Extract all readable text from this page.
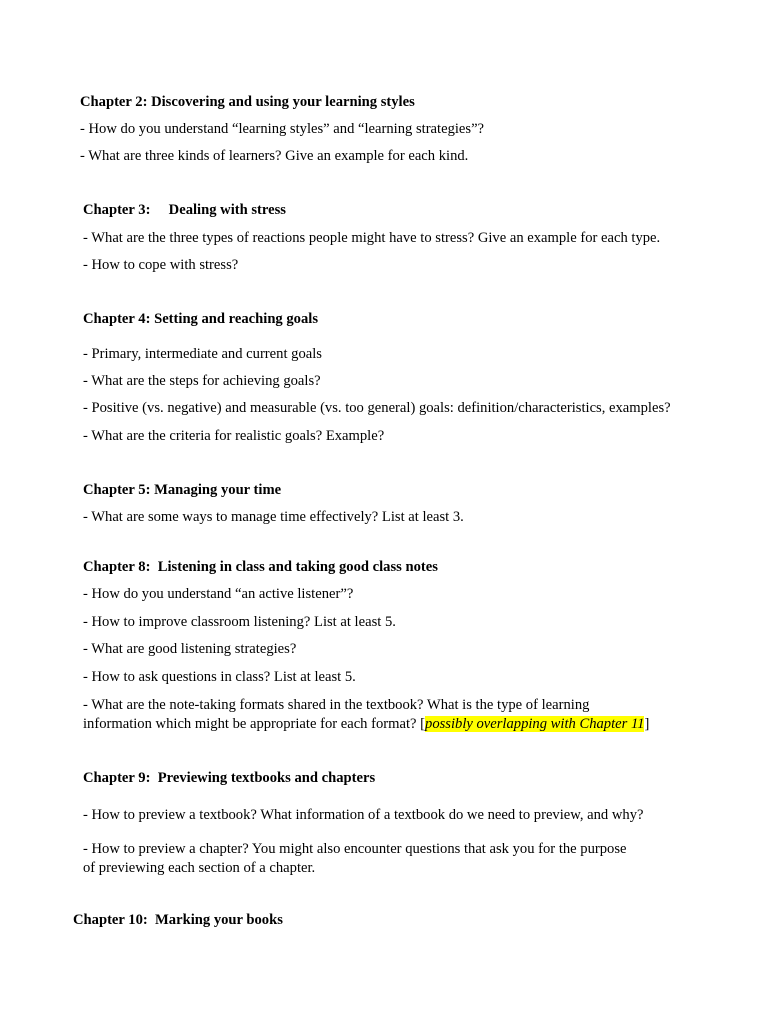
Chapter 2: Discovering and using your learning styles
- How do you understand “learning styles” and “learning strategies”?
- What are three kinds of learners? Give an example for each kind.
Chapter 3:     Dealing with stress
- What are the three types of reactions people might have to stress? Give an example for each type.
- How to cope with stress?
Chapter 4: Setting and reaching goals
- Primary, intermediate and current goals
- What are the steps for achieving goals?
- Positive (vs. negative) and measurable (vs. too general) goals: definition/characteristics, examples?
- What are the criteria for realistic goals? Example?
Chapter 5: Managing your time
- What are some ways to manage time effectively? List at least 3.
Chapter 8:  Listening in class and taking good class notes
- How do you understand “an active listener”?
- How to improve classroom listening? List at least 5.
- What are good listening strategies?
- How to ask questions in class? List at least 5.
- What are the note-taking formats shared in the textbook? What is the type of learning
information which might be appropriate for each format? [possibly overlapping with Chapter 11]
Chapter 9:  Previewing textbooks and chapters
- How to preview a textbook? What information of a textbook do we need to preview, and why?
- How to preview a chapter? You might also encounter questions that ask you for the purpose
of previewing each section of a chapter.
Chapter 10:  Marking your books
